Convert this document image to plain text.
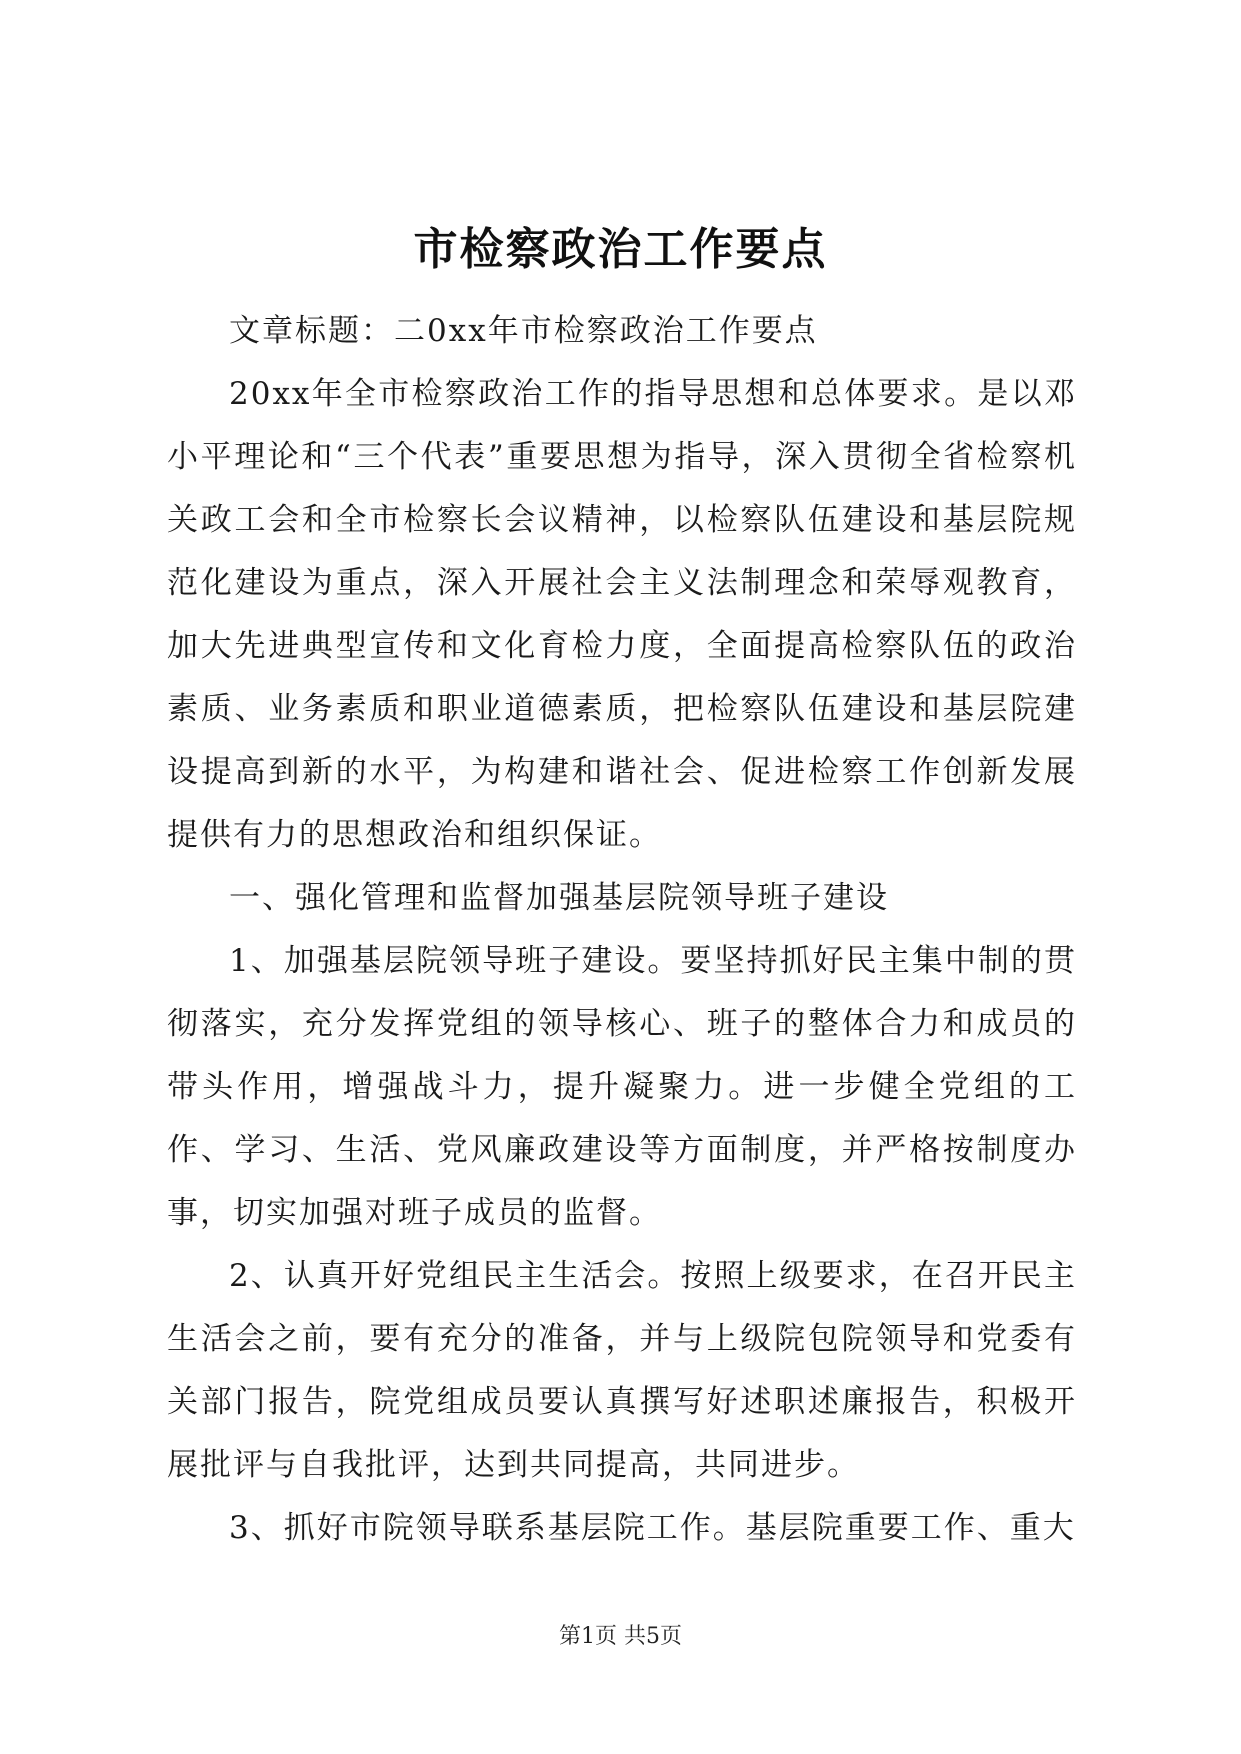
市检察政治工作要点

文章标题：二0xx年市检察政治工作要点

20xx年全市检察政治工作的指导思想和总体要求。是以邓小平理论和“三个代表”重要思想为指导，深入贯彻全省检察机关政工会和全市检察长会议精神，以检察队伍建设和基层院规范化建设为重点，深入开展社会主义法制理念和荣辱观教育，加大先进典型宣传和文化育检力度，全面提高检察队伍的政治素质、业务素质和职业道德素质，把检察队伍建设和基层院建设提高到新的水平，为构建和谐社会、促进检察工作创新发展提供有力的思想政治和组织保证。

一、强化管理和监督加强基层院领导班子建设

1、加强基层院领导班子建设。要坚持抓好民主集中制的贯彻落实，充分发挥党组的领导核心、班子的整体合力和成员的带头作用，增强战斗力，提升凝聚力。进一步健全党组的工作、学习、生活、党风廉政建设等方面制度，并严格按制度办事，切实加强对班子成员的监督。

2、认真开好党组民主生活会。按照上级要求，在召开民主生活会之前，要有充分的准备，并与上级院包院领导和党委有关部门报告，院党组成员要认真撰写好述职述廉报告，积极开展批评与自我批评，达到共同提高，共同进步。

3、抓好市院领导联系基层院工作。基层院重要工作、重大

第1页 共5页
